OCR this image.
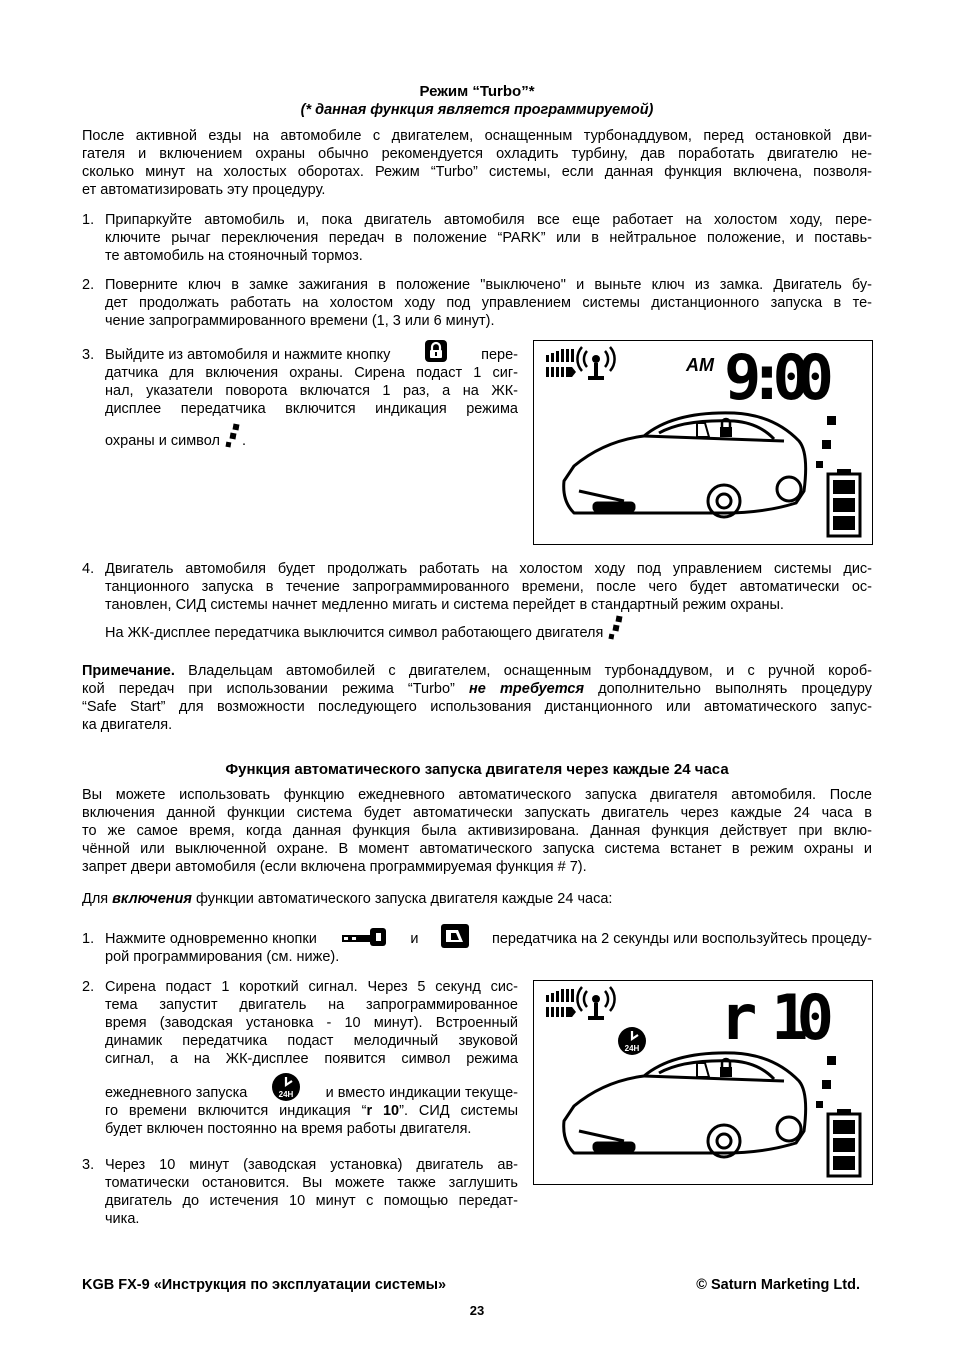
Режим “Turbo”*
(* данная функция является программируемой)
После активной езды на автомобиле с двигателем, оснащенным турбонаддувом, перед остановкой дви-
гателя и включением охраны обычно рекомендуется охладить турбину, дав поработать двигателю не-
сколько минут на холостых оборотах. Режим “Turbo” системы, если данная функция включена, позволя-
ет автоматизировать эту процедуру.
1. Припаркуйте автомобиль и, пока двигатель автомобиля все еще работает на холостом ходу, пере-
ключите рычаг переключения передач в положение “PARK” или в нейтральное положение, и поставь-
те автомобиль на стояночный тормоз.
2. Поверните ключ в замке зажигания в положение "выключено" и выньте ключ из замка. Двигатель бу-
дет продолжать работать на холостом ходу под управлением системы дистанционного запуска в те-
чение запрограммированного времени (1, 3 или 6 минут).
3. Выйдите из автомобиля и нажмите кнопку	пере-
датчика для включения охраны. Сирена подаст 1 сиг-
нал, указатели поворота включатся 1 раз, а на ЖК-
дисплее передатчика включится индикация режима
охраны и символ .
AM 9:00
4. Двигатель автомобиля будет продолжать работать на холостом ходу под управлением системы дис-
танционного запуска в течение запрограммированного времени, после чего будет автоматически ос-
тановлен, СИД системы начнет медленно мигать и система перейдет в стандартный режим охраны.
На ЖК-дисплее передатчика выключится символ работающего двигателя
Примечание. Владельцам автомобилей с двигателем, оснащенным турбонаддувом, и с ручной короб-
кой передач при использовании режима “Turbo” не требуется дополнительно выполнять процедуру
“Safe Start” для возможности последующего использования дистанционного или автоматического запус-
ка двигателя.
Функция автоматического запуска двигателя через каждые 24 часа
Вы можете использовать функцию ежедневного автоматического запуска двигателя автомобиля. После
включения данной функции система будет автоматически запускать двигатель через каждые 24 часа в
то же самое время, когда данная функция была активизирована. Данная функция действует при вклю-
чённой или выключенной охране. В момент автоматического запуска система встанет в режим охраны и
запрет двери автомобиля (если включена программируемая функция # 7).
Для включения функции автоматического запуска двигателя каждые 24 часа:
1. Нажмите одновременно кнопки	и	передатчика на 2 секунды или воспользуйтесь процеду-
рой программирования (см. ниже).
2. Сирена подаст 1 короткий сигнал. Через 5 секунд сис-
тема запустит двигатель на запрограммированное
время (заводская установка - 10 минут). Встроенный
динамик передатчика подаст мелодичный звуковой
сигнал, а на ЖК-дисплее появится символ режима
ежедневного запуска	24H и вместо индикации текуще-
го времени включится индикация “r 10”. СИД системы
будет включен постоянно на время работы двигателя.
3. Через 10 минут (заводская установка) двигатель ав-
томатически остановится. Вы можете также заглушить
двигатель до истечения 10 минут с помощью передат-
чика.
24H r 10
KGB FX-9 «Инструкция по эксплуатации системы»	© Saturn Marketing Ltd.
23
